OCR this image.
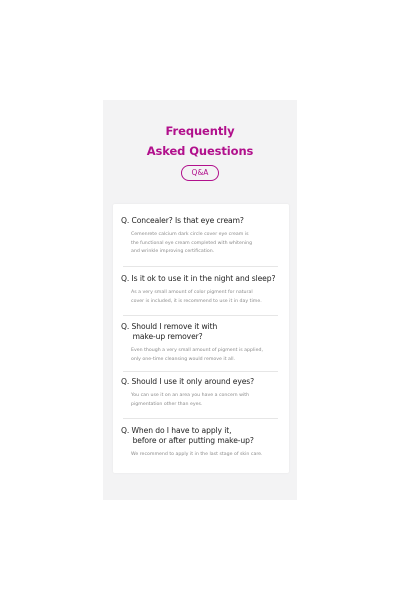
Frequently
Asked Questions
Q&A

Q. Concealer? Is that eye cream?

Cemenrete calcium dark circle cover eye cream is
the functional eye cream completed with whitening
and wrinkle improving certification.

Q. Is it ok to use it in the night and sleep?

As a very small amount of color pigment for natural
cover is included, it is recommend to use it in day time.

Q. Should I remove it with
make-up remover?

Even though a very small amount of pigment is applied,
only one-time cleansing would remove it all.

Q. Should I use it only around eyes?

You can use it on an area you have a concern with
pigmentation other than eyes.

Q. When do I have to apply it,
before or after putting make-up?

We recommend to apply it in the last stage of skin care.
